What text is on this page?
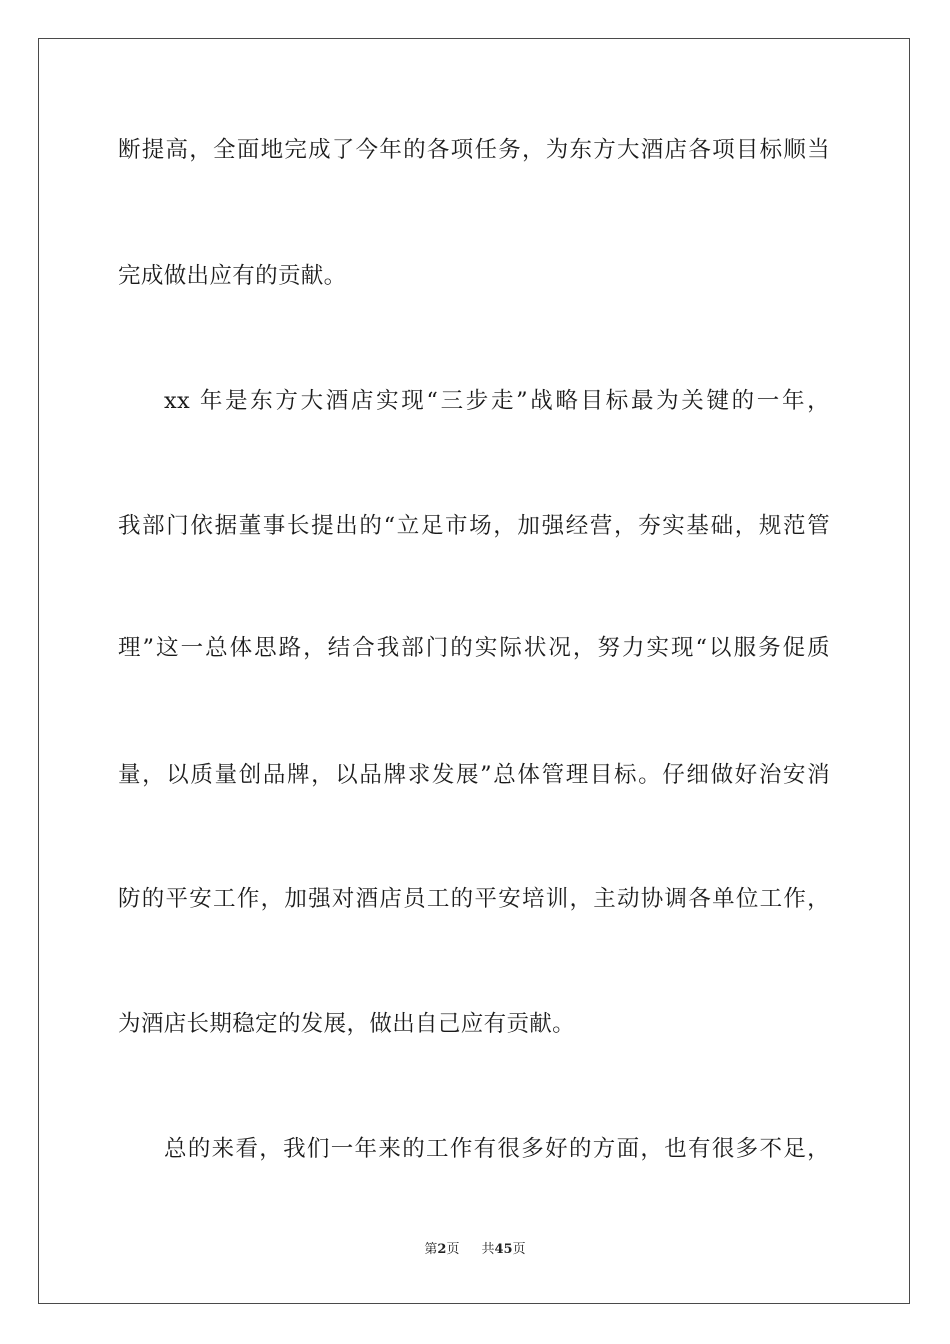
断提高，全面地完成了今年的各项任务，为东方大酒店各项目标顺当
完成做出应有的贡献。
xx 年是东方大酒店实现“三步走”战略目标最为关键的一年，
我部门依据董事长提出的“立足市场，加强经营，夯实基础，规范管
理”这一总体思路，结合我部门的实际状况，努力实现“以服务促质
量，以质量创品牌，以品牌求发展”总体管理目标。仔细做好治安消
防的平安工作，加强对酒店员工的平安培训，主动协调各单位工作，
为酒店长期稳定的发展，做出自己应有贡献。
总的来看，我们一年来的工作有很多好的方面，也有很多不足，
第2页 共45页
